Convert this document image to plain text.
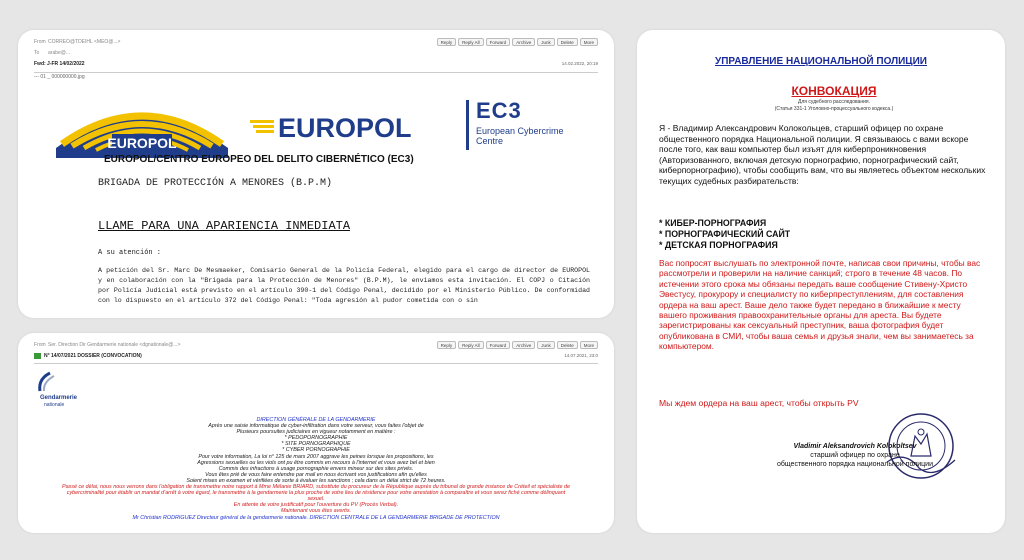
From CORREO@TDEIHL <MEO@...>	Reply	Reply All	Forward	Archive	Junk	Delete	More
To	arabe@...
Fwd: J-FR 14/02/2022	14.02.2022, 20:19
--- 01 _ 000000000.jpg
EUROPOL	EUROPOL
EC3
European Cybercrime
Centre
EUROPOL/CENTRO EUROPEO DEL DELITO CIBERNÉTICO (EC3)
BRIGADA DE PROTECCIÓN A MENORES (B.P.M)
LLAME PARA UNA APARIENCIA INMEDIATA
A su atención :
A petición del Sr. Marc De Mesmaeker, Comisario General de la Policía Federal, elegido para el cargo de director de EUROPOL y en colaboración con la "Brigada para la Protección de Menores" (B.P.M), le enviamos esta invitación. El COPJ o Citación por Policía Judicial está previsto en el artículo 390-1 del Código Penal, decidido por el Ministerio Público. De conformidad con lo dispuesto en el artículo 372 del Código Penal: "Toda agresión al pudor cometida con o sin
From Ser. Direction Dir Gendarmerie nationale <dgnationale@...>	Reply	Reply All	Forward	Archive	Junk	Delete	More
N° 14/07/2021 DOSSIER (CONVOCATION)	14.07.2021, 23:0
Gendarmerie
nationale
DIRECTION GÉNÉRALE DE LA GENDARMERIE
Après une saisie informatique de cyber-infiltration dans votre serveur, vous faites l'objet de
Plusieurs poursuites judiciaires en vigueur notamment en matière :
* PEDOPORNOGRAPHIE
* SITE PORNOGRAPHIQUE
* CYBER PORNOGRAPHIE
Pour votre information, La loi n° 125 de mars 2007 aggrave les peines lorsque les propositions, les
Agressions sexuelles ou les viols ont pu être commis en recours à l'internet et vous avez bel et bien
Commis des infractions à usage pornographie envers mineur sur des sites privés.
Vous êtes prié de vous faire entendre par mail en nous écrivant vos justifications afin qu'elles
Soient mises en examen et vérifiées de sorte à évaluer les sanctions ; cela dans un délai strict de 72 heures.
Passé ce délai, nous nous verrons dans l'obligation de transmettre notre rapport à Mme Mélanie BRIARD, substitute du procureur de la République auprès du tribunal de grande instance de Créteil et spécialiste de
cybercriminalité pour établir un mandat d'arrêt à votre égard, le transmettre à la gendarmerie la plus proche de votre lieu de résidence pour votre arrestation à comparaître et vous serez fiché comme délinquant sexuel.
En attente de votre justificatif pour l'ouverture du PV (Procès Verbal).
Maintenant vous êtes avertis.
Mr Christian RODRIGUEZ Directeur général de la gendarmerie nationale. DIRECTION CENTRALE DE LA GENDARMERIE BRIGADE DE PROTECTION
УПРАВЛЕНИЕ НАЦИОНАЛЬНОЙ ПОЛИЦИИ
КОНВОКАЦИЯ
Для судебного расследования.
(Статья 331-1 Уголовно-процессуального кодекса.)
Я - Владимир Александрович Колокольцев, старший офицер по охране общественного порядка Национальной полиции. Я связываюсь с вами вскоре после того, как ваш компьютер был изъят для киберпроникновения (Авторизованного, включая детскую порнографию, порнографический сайт, киберпорнографию), чтобы сообщить вам, что вы являетесь объектом нескольких текущих судебных разбирательств:
* КИБЕР-ПОРНОГРАФИЯ
* ПОРНОГРАФИЧЕСКИЙ САЙТ
* ДЕТСКАЯ ПОРНОГРАФИЯ
Вас попросят выслушать по электронной почте, написав свои причины, чтобы вас рассмотрели и проверили на наличие санкций; строго в течение 48 часов. По истечении этого срока мы обязаны передать ваше сообщение Стивену-Христо Эвестусу, прокурору и специалисту по киберпреступлениям, для составления ордера на ваш арест. Ваше дело также будет передано в ближайшие к месту вашего проживания правоохранительные органы для ареста. Вы будете зарегистрированы как сексуальный преступник, ваша фотография будет опубликована в СМИ, чтобы ваша семья и друзья знали, чем вы занимаетесь за компьютером.
Мы ждем ордера на ваш арест, чтобы открыть PV
Vladimir Aleksandrovich Kolokoltsev
старший офицер по охране
общественного порядка национальной полиции
